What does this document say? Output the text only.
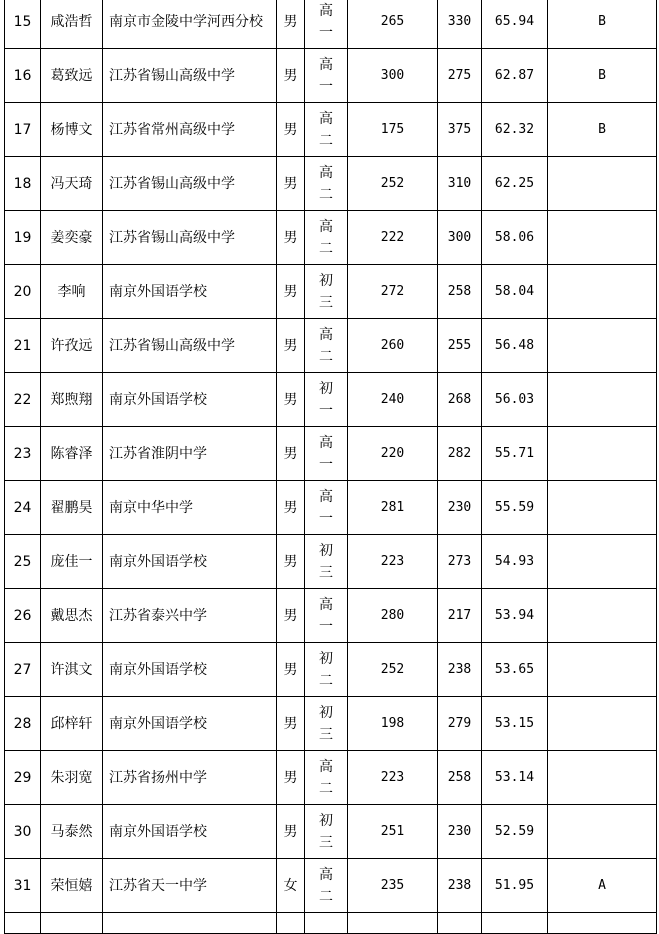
15	咸浩哲	南京市金陵中学河西分校	男	高一	265	330	65.94	B
16	葛致远	江苏省锡山高级中学	男	高一	300	275	62.87	B
17	杨博文	江苏省常州高级中学	男	高二	175	375	62.32	B
18	冯天琦	江苏省锡山高级中学	男	高二	252	310	62.25	
19	姜奕豪	江苏省锡山高级中学	男	高二	222	300	58.06	
20	李响	南京外国语学校	男	初三	272	258	58.04	
21	许孜远	江苏省锡山高级中学	男	高二	260	255	56.48	
22	郑煦翔	南京外国语学校	男	初一	240	268	56.03	
23	陈睿泽	江苏省淮阴中学	男	高一	220	282	55.71	
24	翟鹏昊	南京中华中学	男	高一	281	230	55.59	
25	庞佳一	南京外国语学校	男	初三	223	273	54.93	
26	戴思杰	江苏省泰兴中学	男	高一	280	217	53.94	
27	许淇文	南京外国语学校	男	初二	252	238	53.65	
28	邱梓轩	南京外国语学校	男	初三	198	279	53.15	
29	朱羽宽	江苏省扬州中学	男	高二	223	258	53.14	
30	马泰然	南京外国语学校	男	初三	251	230	52.59	
31	荣恒嬉	江苏省天一中学	女	高二	235	238	51.95	A
